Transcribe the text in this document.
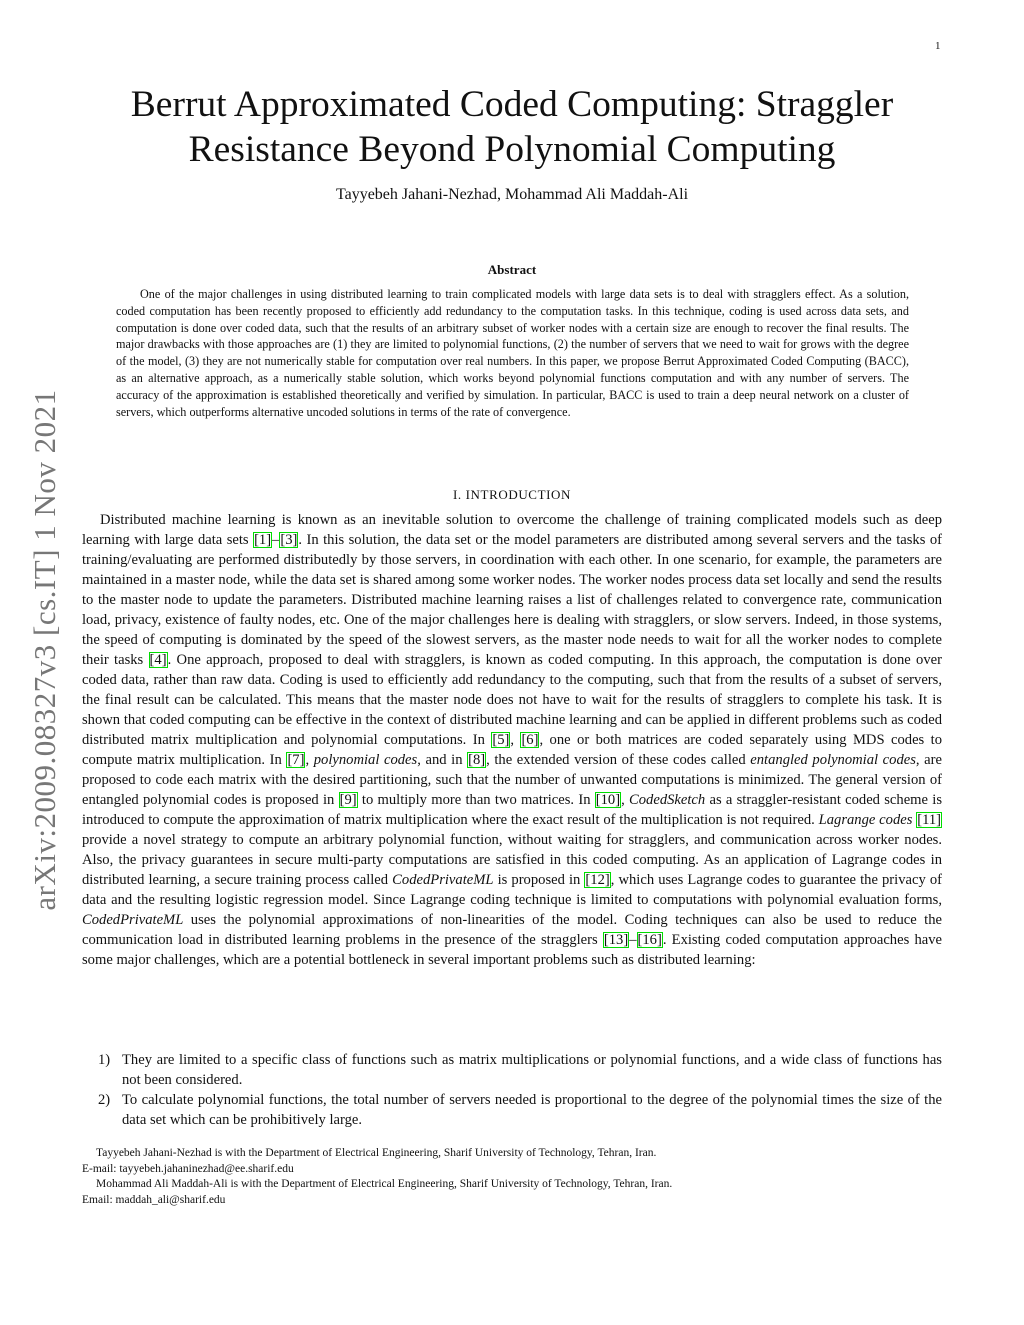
1
arXiv:2009.08327v3 [cs.IT] 1 Nov 2021
Berrut Approximated Coded Computing: Straggler Resistance Beyond Polynomial Computing
Tayyebeh Jahani-Nezhad, Mohammad Ali Maddah-Ali
Abstract

One of the major challenges in using distributed learning to train complicated models with large data sets is to deal with stragglers effect. As a solution, coded computation has been recently proposed to efficiently add redundancy to the computation tasks. In this technique, coding is used across data sets, and computation is done over coded data, such that the results of an arbitrary subset of worker nodes with a certain size are enough to recover the final results. The major drawbacks with those approaches are (1) they are limited to polynomial functions, (2) the number of servers that we need to wait for grows with the degree of the model, (3) they are not numerically stable for computation over real numbers. In this paper, we propose Berrut Approximated Coded Computing (BACC), as an alternative approach, as a numerically stable solution, which works beyond polynomial functions computation and with any number of servers. The accuracy of the approximation is established theoretically and verified by simulation. In particular, BACC is used to train a deep neural network on a cluster of servers, which outperforms alternative uncoded solutions in terms of the rate of convergence.

I. INTRODUCTION

Distributed machine learning is known as an inevitable solution to overcome the challenge of training complicated models such as deep learning with large data sets [1]–[3]. In this solution, the data set or the model parameters are distributed among several servers and the tasks of training/evaluating are performed distributedly by those servers, in coordination with each other. In one scenario, for example, the parameters are maintained in a master node, while the data set is shared among some worker nodes. The worker nodes process data set locally and send the results to the master node to update the parameters. Distributed machine learning raises a list of challenges related to convergence rate, communication load, privacy, existence of faulty nodes, etc. One of the major challenges here is dealing with stragglers, or slow servers. Indeed, in those systems, the speed of computing is dominated by the speed of the slowest servers, as the master node needs to wait for all the worker nodes to complete their tasks [4]. One approach, proposed to deal with stragglers, is known as coded computing. In this approach, the computation is done over coded data, rather than raw data. Coding is used to efficiently add redundancy to the computing, such that from the results of a subset of servers, the final result can be calculated. This means that the master node does not have to wait for the results of stragglers to complete his task. It is shown that coded computing can be effective in the context of distributed machine learning and can be applied in different problems such as coded distributed matrix multiplication and polynomial computations. In [5], [6], one or both matrices are coded separately using MDS codes to compute matrix multiplication. In [7], polynomial codes, and in [8], the extended version of these codes called entangled polynomial codes, are proposed to code each matrix with the desired partitioning, such that the number of unwanted computations is minimized. The general version of entangled polynomial codes is proposed in [9] to multiply more than two matrices. In [10], CodedSketch as a straggler-resistant coded scheme is introduced to compute the approximation of matrix multiplication where the exact result of the multiplication is not required. Lagrange codes [11] provide a novel strategy to compute an arbitrary polynomial function, without waiting for stragglers, and communication across worker nodes. Also, the privacy guarantees in secure multi-party computations are satisfied in this coded computing. As an application of Lagrange codes in distributed learning, a secure training process called CodedPrivateML is proposed in [12], which uses Lagrange codes to guarantee the privacy of data and the resulting logistic regression model. Since Lagrange coding technique is limited to computations with polynomial evaluation forms, CodedPrivateML uses the polynomial approximations of non-linearities of the model. Coding techniques can also be used to reduce the communication load in distributed learning problems in the presence of the stragglers [13]–[16]. Existing coded computation approaches have some major challenges, which are a potential bottleneck in several important problems such as distributed learning:

1) They are limited to a specific class of functions such as matrix multiplications or polynomial functions, and a wide class of functions has not been considered.
2) To calculate polynomial functions, the total number of servers needed is proportional to the degree of the polynomial times the size of the data set which can be prohibitively large.
Tayyebeh Jahani-Nezhad is with the Department of Electrical Engineering, Sharif University of Technology, Tehran, Iran.
E-mail: tayyebeh.jahaninezhad@ee.sharif.edu
Mohammad Ali Maddah-Ali is with the Department of Electrical Engineering, Sharif University of Technology, Tehran, Iran.
Email: maddah_ali@sharif.edu
